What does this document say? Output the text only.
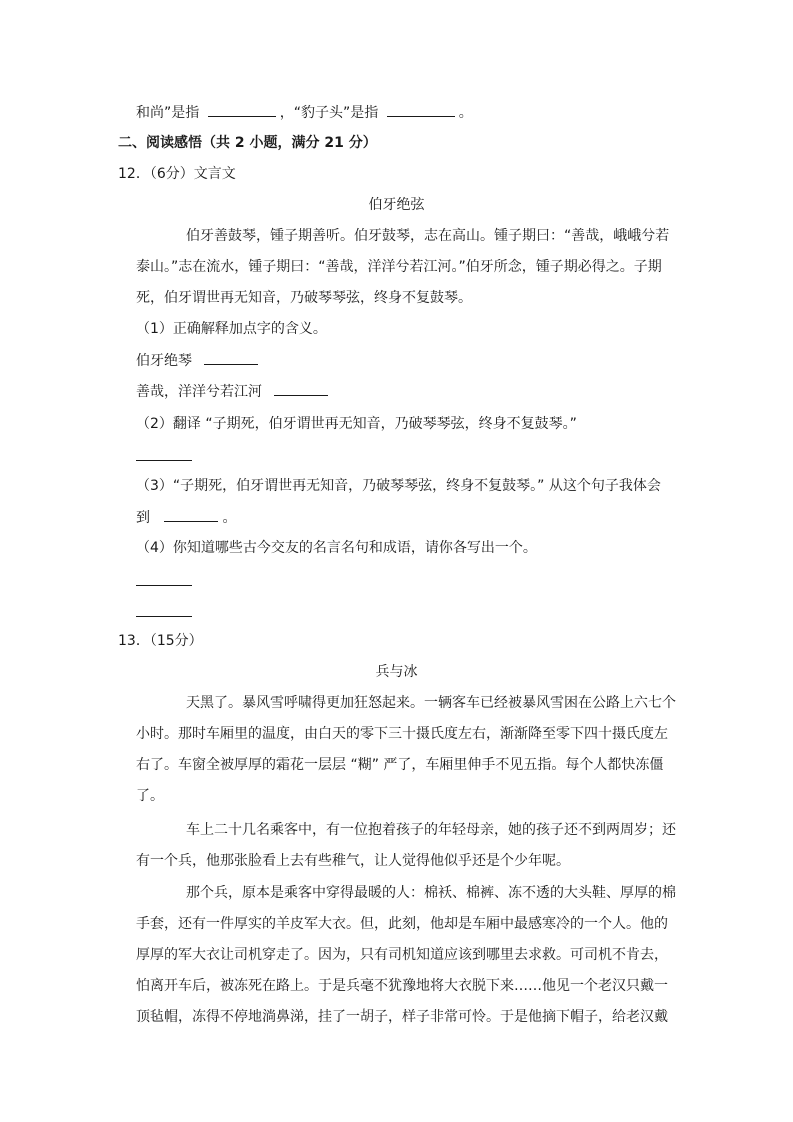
和尚”是指	，“豹子头”是指	。
二、阅读感悟（共 2 小题，满分 21 分）
12．（6分）文言文
伯牙绝弦
伯牙善鼓琴，锺子期善听。伯牙鼓琴，志在高山。锺子期曰：“善哉，峨峨兮若
泰山。”志在流水，锺子期曰：“善哉，洋洋兮若江河。”伯牙所念，锺子期必得之。子期
死，伯牙谓世再无知音，乃破琴琴弦，终身不复鼓琴。
（1）正确解释加点字的含义。
伯牙绝琴
善哉，洋洋兮若江河
（2）翻译 “子期死，伯牙谓世再无知音，乃破琴琴弦，终身不复鼓琴。”
（3）“子期死，伯牙谓世再无知音，乃破琴琴弦，终身不复鼓琴。” 从这个句子我体会
到	。
（4）你知道哪些古今交友的名言名句和成语，请你各写出一个。
13．（15分）
兵与冰
天黑了。暴风雪呼啸得更加狂怒起来。一辆客车已经被暴风雪困在公路上六七个
小时。那时车厢里的温度，由白天的零下三十摄氏度左右，渐渐降至零下四十摄氏度左
右了。车窗全被厚厚的霜花一层层 “糊” 严了，车厢里伸手不见五指。每个人都快冻僵
了。
车上二十几名乘客中，有一位抱着孩子的年轻母亲，她的孩子还不到两周岁；还
有一个兵，他那张脸看上去有些稚气，让人觉得他似乎还是个少年呢。
那个兵，原本是乘客中穿得最暖的人：棉袄、棉裤、冻不透的大头鞋、厚厚的棉
手套，还有一件厚实的羊皮军大衣。但，此刻，他却是车厢中最感寒冷的一个人。他的
厚厚的军大衣让司机穿走了。因为，只有司机知道应该到哪里去求救。可司机不肯去，
怕离开车后，被冻死在路上。于是兵毫不犹豫地将大衣脱下来……他见一个老汉只戴一
顶毡帽，冻得不停地淌鼻涕，挂了一胡子，样子非常可怜。于是他摘下帽子，给老汉戴
